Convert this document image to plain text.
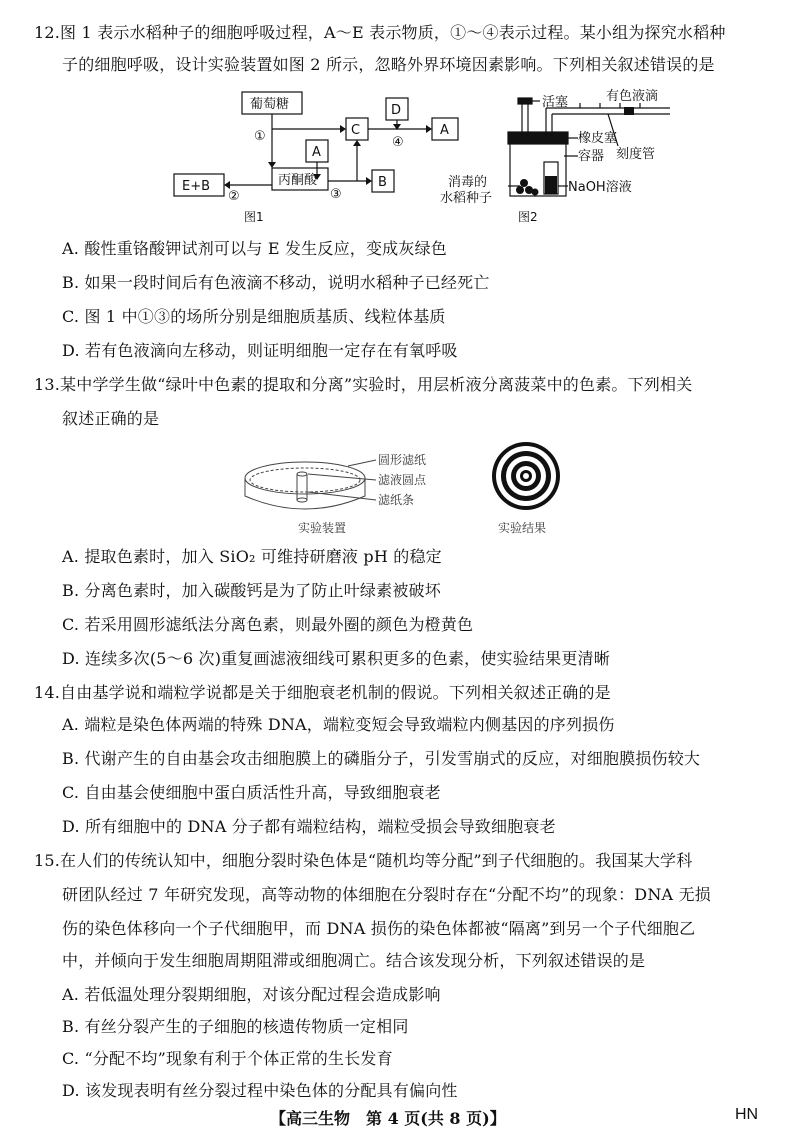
12.图 1 表示水稻种子的细胞呼吸过程，A～E 表示物质，①～④表示过程。某小组为探究水稻种
子的细胞呼吸，设计实验装置如图 2 所示，忽略外界环境因素影响。下列相关叙述错误的是
葡萄糖
丙酮酸
E+B
A
B
C
D
A
①
②	③
④
图1
活塞	有色液滴
橡皮塞
容器 刻度管
消毒的
水稻种子
NaOH溶液
图2
A. 酸性重铬酸钾试剂可以与 E 发生反应，变成灰绿色
B. 如果一段时间后有色液滴不移动，说明水稻种子已经死亡
C. 图 1 中①③的场所分别是细胞质基质、线粒体基质
D. 若有色液滴向左移动，则证明细胞一定存在有氧呼吸
13.某中学学生做“绿叶中色素的提取和分离”实验时，用层析液分离菠菜中的色素。下列相关
叙述正确的是
圆形滤纸
滤液圆点
滤纸条
实验装置	实验结果
A. 提取色素时，加入 SiO₂ 可维持研磨液 pH 的稳定
B. 分离色素时，加入碳酸钙是为了防止叶绿素被破坏
C. 若采用圆形滤纸法分离色素，则最外圈的颜色为橙黄色
D. 连续多次(5～6 次)重复画滤液细线可累积更多的色素，使实验结果更清晰
14.自由基学说和端粒学说都是关于细胞衰老机制的假说。下列相关叙述正确的是
A. 端粒是染色体两端的特殊 DNA，端粒变短会导致端粒内侧基因的序列损伤
B. 代谢产生的自由基会攻击细胞膜上的磷脂分子，引发雪崩式的反应，对细胞膜损伤较大
C. 自由基会使细胞中蛋白质活性升高，导致细胞衰老
D. 所有细胞中的 DNA 分子都有端粒结构，端粒受损会导致细胞衰老
15.在人们的传统认知中，细胞分裂时染色体是“随机均等分配”到子代细胞的。我国某大学科
研团队经过 7 年研究发现，高等动物的体细胞在分裂时存在“分配不均”的现象：DNA 无损
伤的染色体移向一个子代细胞甲，而 DNA 损伤的染色体都被“隔离”到另一个子代细胞乙
中，并倾向于发生细胞周期阻滞或细胞凋亡。结合该发现分析，下列叙述错误的是
A. 若低温处理分裂期细胞，对该分配过程会造成影响
B. 有丝分裂产生的子细胞的核遗传物质一定相同
C. “分配不均”现象有利于个体正常的生长发育
D. 该发现表明有丝分裂过程中染色体的分配具有偏向性
【高三生物　第 4 页(共 8 页)】	HN
